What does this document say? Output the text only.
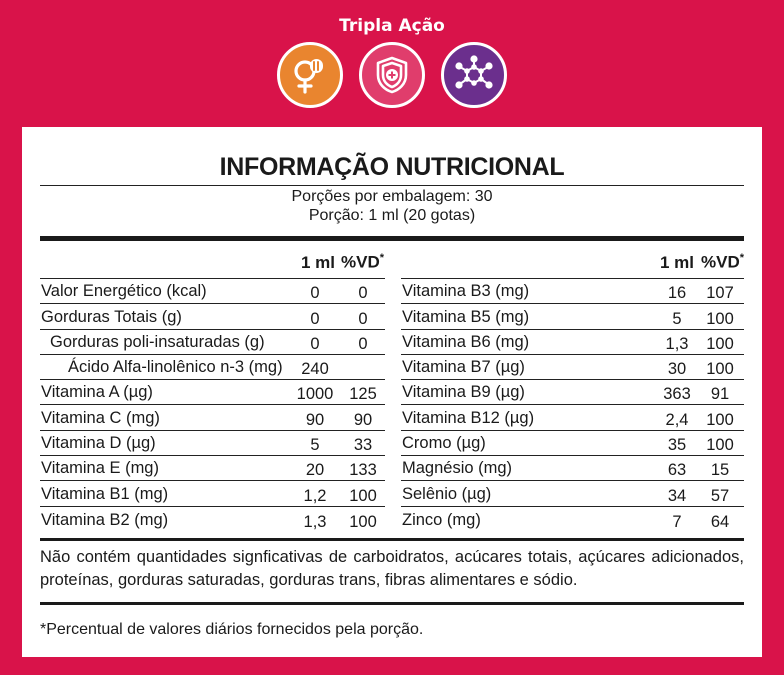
Tripla Ação
INFORMAÇÃO NUTRICIONAL
Porções por embalagem: 30
Porção: 1 ml (20 gotas)
1 ml %VD*
Valor Energético (kcal)	0 0
Gorduras Totais (g)	0 0
Gorduras poli-insaturadas (g)	0 0
Ácido Alfa-linolênico n-3 (mg) 240
Vitamina A (µg)	1000 125
Vitamina C (mg)	90 90
Vitamina D (µg)	5 33
Vitamina E (mg)	20 133
Vitamina B1 (mg)	1,2 100
Vitamina B2 (mg)	1,3 100
1 ml %VD*
Vitamina B3 (mg)	16 107
Vitamina B5 (mg)	5 100
Vitamina B6 (mg)	1,3 100
Vitamina B7 (µg)	30 100
Vitamina B9 (µg)	363 91
Vitamina B12 (µg)	2,4 100
Cromo (µg)	35 100
Magnésio (mg)	63 15
Selênio (µg)	34 57
Zinco (mg)	7 64
Não contém quantidades signficativas de carboidratos, acúcares totais, açúcares adicionados, proteínas, gorduras saturadas, gorduras trans, fibras alimentares e sódio.
*Percentual de valores diários fornecidos pela porção.
